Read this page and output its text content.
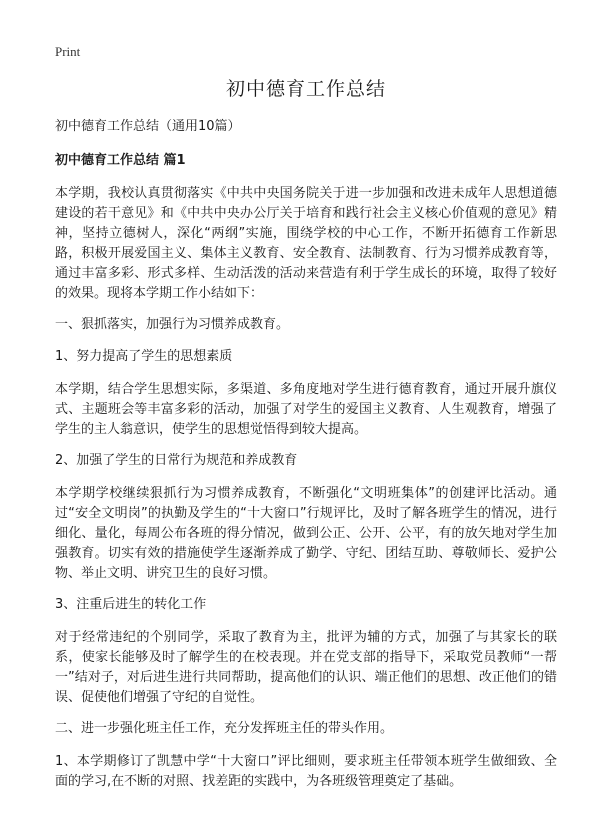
Print
初中德育工作总结
初中德育工作总结（通用10篇）
初中德育工作总结 篇1

本学期，我校认真贯彻落实《中共中央国务院关于进一步加强和改进未成年人思想道德建设的若干意见》和《中共中央办公厅关于培育和践行社会主义核心价值观的意见》精神，坚持立德树人，深化“两纲”实施，围绕学校的中心工作，不断开拓德育工作新思路，积极开展爱国主义、集体主义教育、安全教育、法制教育、行为习惯养成教育等，通过丰富多彩、形式多样、生动活泼的活动来营造有利于学生成长的环境，取得了较好的效果。现将本学期工作小结如下：

一、狠抓落实，加强行为习惯养成教育。

1、努力提高了学生的思想素质

本学期，结合学生思想实际，多渠道、多角度地对学生进行德育教育，通过开展升旗仪式、主题班会等丰富多彩的活动，加强了对学生的爱国主义教育、人生观教育，增强了学生的主人翁意识，使学生的思想觉悟得到较大提高。

2、加强了学生的日常行为规范和养成教育

本学期学校继续狠抓行为习惯养成教育，不断强化“文明班集体”的创建评比活动。通过“安全文明岗”的执勤及学生的“十大窗口”行规评比，及时了解各班学生的情况，进行细化、量化，每周公布各班的得分情况，做到公正、公开、公平，有的放矢地对学生加强教育。切实有效的措施使学生逐渐养成了勤学、守纪、团结互助、尊敬师长、爱护公物、举止文明、讲究卫生的良好习惯。

3、注重后进生的转化工作

对于经常违纪的个别同学，采取了教育为主，批评为辅的方式，加强了与其家长的联系，使家长能够及时了解学生的在校表现。并在党支部的指导下，采取党员教师“一帮一”结对子，对后进生进行共同帮助，提高他们的认识、端正他们的思想、改正他们的错误、促使他们增强了守纪的自觉性。

二、进一步强化班主任工作，充分发挥班主任的带头作用。

1、本学期修订了凯慧中学“十大窗口”评比细则，要求班主任带领本班学生做细致、全面的学习,在不断的对照、找差距的实践中，为各班级管理奠定了基础。
